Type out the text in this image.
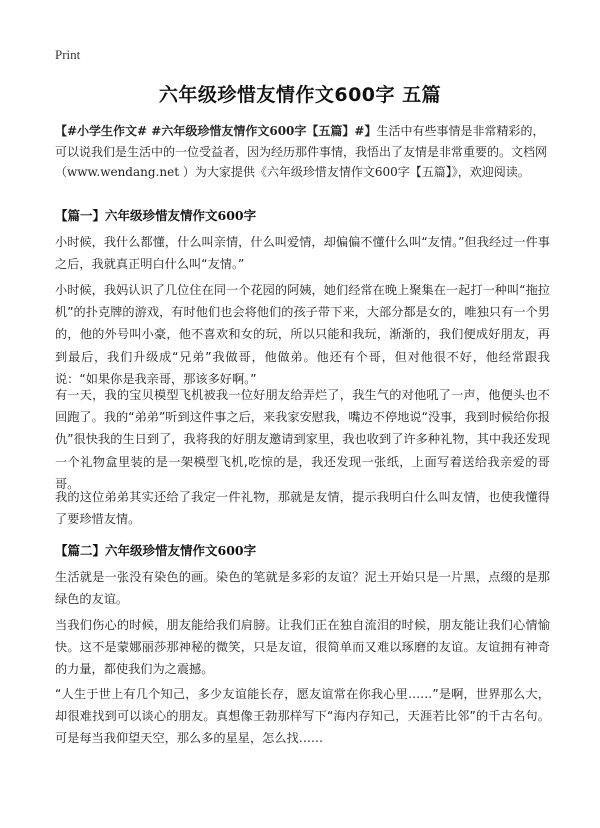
Print
六年级珍惜友情作文600字 五篇
【#小学生作文# #六年级珍惜友情作文600字【五篇】#】生活中有些事情是非常精彩的，可以说我们是生活中的一位受益者，因为经历那件事情，我悟出了友情是非常重要的。文档网（www.wendang.net ）为大家提供《六年级珍惜友情作文600字【五篇】》，欢迎阅读。
【篇一】六年级珍惜友情作文600字
小时候，我什么都懂，什么叫亲情，什么叫爱情，却偏偏不懂什么叫“友情。”但我经过一件事之后，我就真正明白什么叫“友情。”
小时候，我妈认识了几位住在同一个花园的阿姨，她们经常在晚上聚集在一起打一种叫“拖拉机”的扑克牌的游戏，有时他们也会将他们的孩子带下来，大部分都是女的，唯独只有一个男的，他的外号叫小豪，他不喜欢和女的玩，所以只能和我玩，渐渐的，我们便成好朋友，再到最后，我们升级成“兄弟”我做哥，他做弟。他还有个哥，但对他很不好，他经常跟我说：“如果你是我亲哥，那该多好啊。”
有一天，我的宝贝模型飞机被我一位好朋友给弄烂了，我生气的对他吼了一声，他便头也不回跑了。我的“弟弟”听到这件事之后，来我家安慰我，嘴边不停地说“没事，我到时候给你报仇”很快我的生日到了，我将我的好朋友邀请到家里，我也收到了许多种礼物，其中我还发现一个礼物盒里装的是一架模型飞机,吃惊的是，我还发现一张纸，上面写着送给我亲爱的哥哥。
我的这位弟弟其实还给了我定一件礼物，那就是友情，提示我明白什么叫友情，也使我懂得了要珍惜友情。
【篇二】六年级珍惜友情作文600字
生活就是一张没有染色的画。染色的笔就是多彩的友谊？泥土开始只是一片黑，点缀的是那绿色的友谊。
当我们伤心的时候，朋友能给我们肩膀。让我们正在独自流泪的时候，朋友能让我们心情愉快。这不是蒙娜丽莎那神秘的微笑，只是友谊，很简单而又难以琢磨的友谊。友谊拥有神奇的力量，都使我们为之震撼。
“人生于世上有几个知己，多少友谊能长存，愿友谊常在你我心里……”是啊，世界那么大，却很难找到可以谈心的朋友。真想像王勃那样写下“海内存知己，天涯若比邻”的千古名句。可是每当我仰望天空，那么多的星星，怎么找……
